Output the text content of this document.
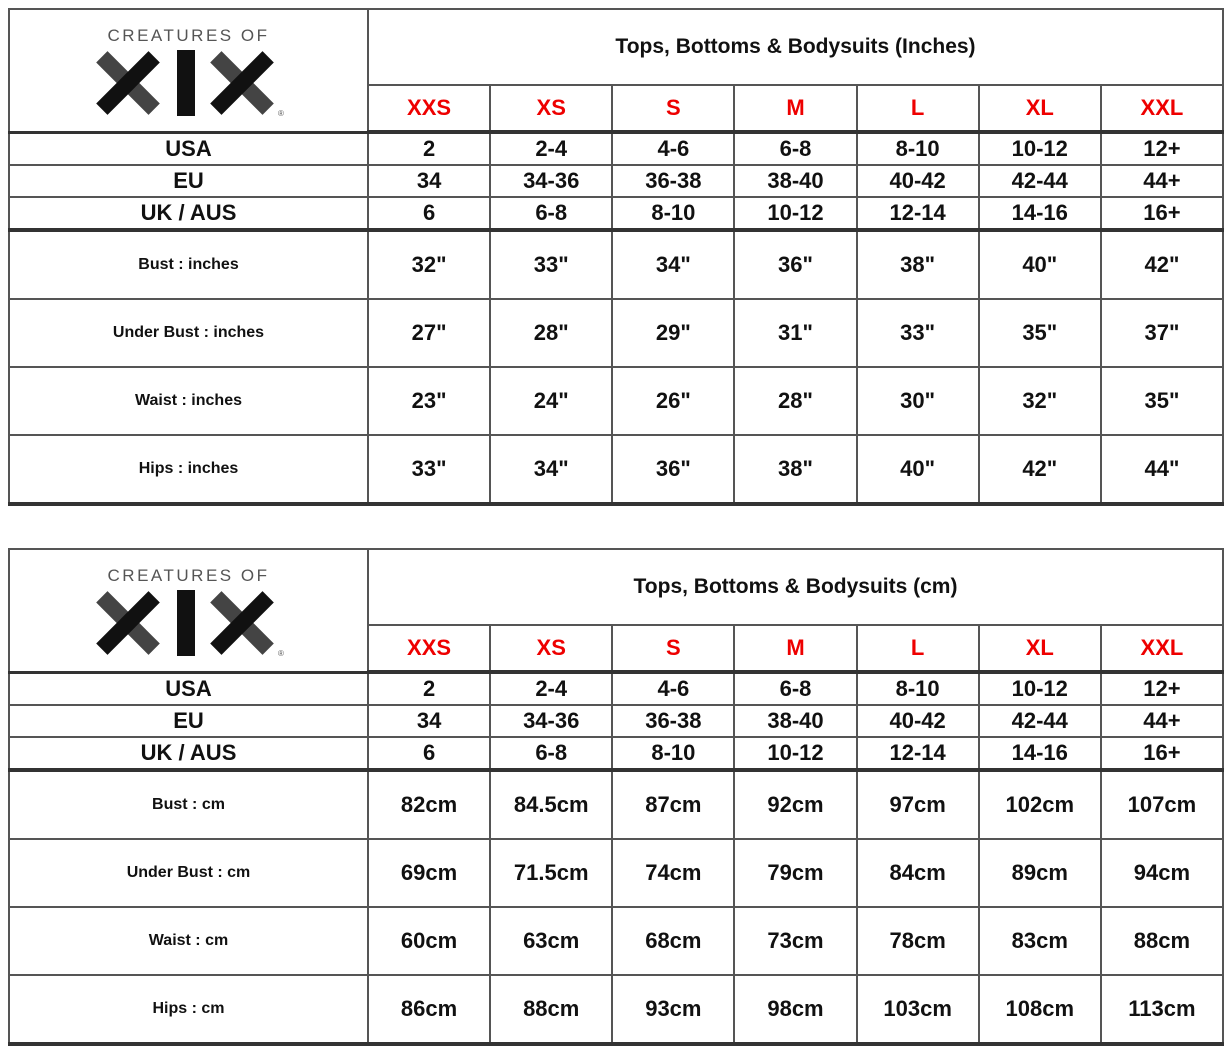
CREATURES OF
®	Tops, Bottoms & Bodysuits (Inches)						
	XXS	XS	S	M	L	XL	XXL
USA	2	2-4	4-6	6-8	8-10	10-12	12+
EU	34	34-36	36-38	38-40	40-42	42-44	44+
UK / AUS	6	6-8	8-10	10-12	12-14	14-16	16+
Bust : inches	32"	33"	34"	36"	38"	40"	42"
Under Bust : inches	27"	28"	29"	31"	33"	35"	37"
Waist : inches	23"	24"	26"	28"	30"	32"	35"
Hips : inches	33"	34"	36"	38"	40"	42"	44"
CREATURES OF
®	Tops, Bottoms & Bodysuits (cm)						
	XXS	XS	S	M	L	XL	XXL
USA	2	2-4	4-6	6-8	8-10	10-12	12+
EU	34	34-36	36-38	38-40	40-42	42-44	44+
UK / AUS	6	6-8	8-10	10-12	12-14	14-16	16+
Bust : cm	82cm	84.5cm	87cm	92cm	97cm	102cm	107cm
Under Bust : cm	69cm	71.5cm	74cm	79cm	84cm	89cm	94cm
Waist : cm	60cm	63cm	68cm	73cm	78cm	83cm	88cm
Hips : cm	86cm	88cm	93cm	98cm	103cm	108cm	113cm
